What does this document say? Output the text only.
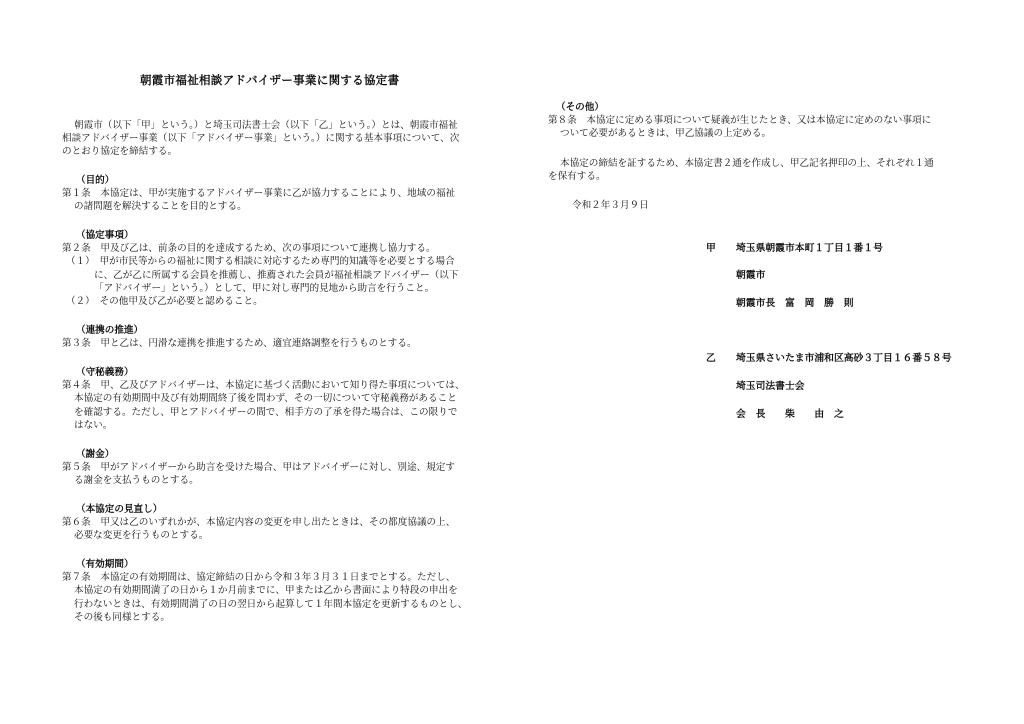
朝霞市福祉相談アドバイザー事業に関する協定書
朝霞市（以下「甲」という。）と埼玉司法書士会（以下「乙」という。）とは、朝霞市福祉
相談アドバイザー事業（以下「アドバイザー事業」という。）に関する基本事項について、次
のとおり協定を締結する。
（目的）
第１条　本協定は、甲が実施するアドバイザー事業に乙が協力することにより、地域の福祉
の諸問題を解決することを目的とする。
（協定事項）
第２条　甲及び乙は、前条の目的を達成するため、次の事項について連携し協力する。
（１）　甲が市民等からの福祉に関する相談に対応するため専門的知識等を必要とする場合
に、乙が乙に所属する会員を推薦し、推薦された会員が福祉相談アドバイザー（以下
「アドバイザー」という。）として、甲に対し専門的見地から助言を行うこと。
（２）　その他甲及び乙が必要と認めること。
（連携の推進）
第３条　甲と乙は、円滑な連携を推進するため、適宜連絡調整を行うものとする。
（守秘義務）
第４条　甲、乙及びアドバイザーは、本協定に基づく活動において知り得た事項については、
本協定の有効期間中及び有効期間終了後を問わず、その一切について守秘義務があること
を確認する。ただし、甲とアドバイザーの間で、相手方の了承を得た場合は、この限りで
はない。
（謝金）
第５条　甲がアドバイザーから助言を受けた場合、甲はアドバイザーに対し、別途、規定す
る謝金を支払うものとする。
（本協定の見直し）
第６条　甲又は乙のいずれかが、本協定内容の変更を申し出たときは、その都度協議の上、
必要な変更を行うものとする。
（有効期間）
第７条　本協定の有効期間は、協定締結の日から令和３年３月３１日までとする。ただし、
本協定の有効期間満了の日から１か月前までに、甲または乙から書面により特段の申出を
行わないときは、有効期間満了の日の翌日から起算して１年間本協定を更新するものとし、
その後も同様とする。
（その他）
第８条　本協定に定める事項について疑義が生じたとき、又は本協定に定めのない事項に
ついて必要があるときは、甲乙協議の上定める。
本協定の締結を証するため、本協定書２通を作成し、甲乙記名押印の上、それぞれ１通
を保有する。
令和２年３月９日
甲 埼玉県朝霞市本町１丁目１番１号
朝霞市
朝霞市長　富　岡　勝　則
乙 埼玉県さいたま市浦和区高砂３丁目１６番５８号
埼玉司法書士会
会　長　　柴　　由　之
